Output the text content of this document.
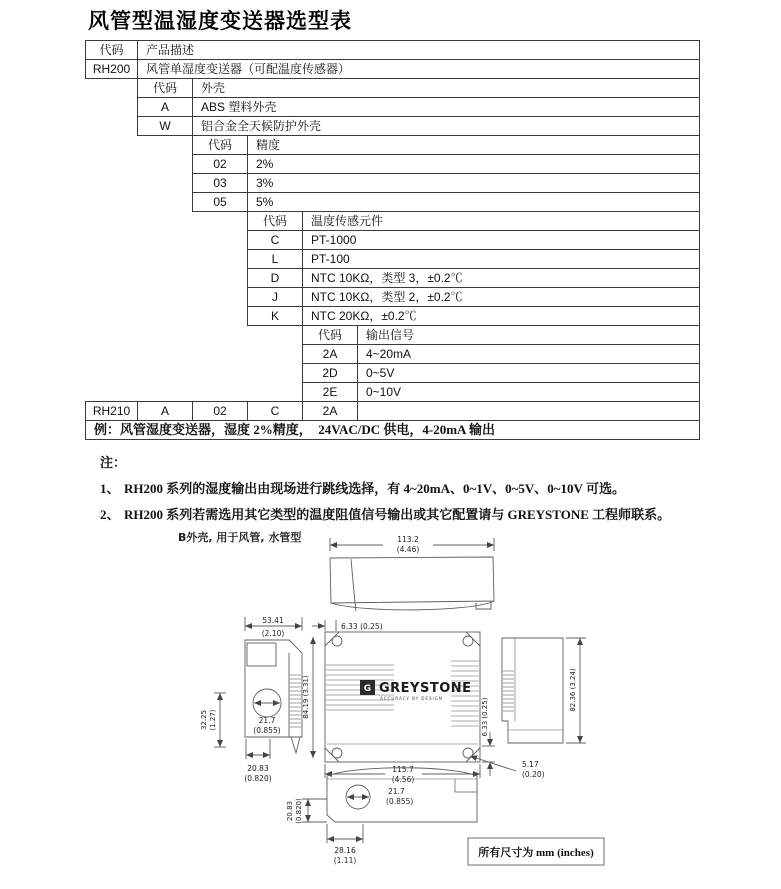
风管型温湿度变送器选型表
代码	产品描述
RH200	风管单湿度变送器（可配温度传感器）
代码	外壳
A	ABS 塑料外壳
W	铝合金全天候防护外壳
代码	精度
02	2%
03	3%
05	5%
代码	温度传感元件
C	PT-1000
L	PT-100
D	NTC 10KΩ，类型 3，±0.2℃
J	NTC 10KΩ，类型 2，±0.2℃
K	NTC 20KΩ，±0.2℃
代码	输出信号
2A	4~20mA
2D	0~5V
2E	0~10V
RH210	A	02	C	2A
例：风管湿度变送器，湿度 2%精度，　24VAC/DC 供电，4-20mA 输出
注：
1、 RH200 系列的湿度输出由现场进行跳线选择，有 4~20mA、0~1V、0~5V、0~10V 可选。
2、 RH200 系列若需选用其它类型的温度阻值信号输出或其它配置请与 GREYSTONE 工程师联系。
B外壳, 用于风管, 水管型	113.2
(4.46)
53.41
(2.10)
32.25 (1.27)	21.7
(0.855)
20.83
(0.820)
G GREYSTONE
ACCURACY BY DESIGN
6.33 (0.25)
84.19 (3.31)
115.7
(4.56)
6.33 (0.25)
5.17
(0.20)
82.36 (3.24)
21.7
(0.855)
20.83 (0.820)
28.16
(1.11)
所有尺寸为 mm (inches)
